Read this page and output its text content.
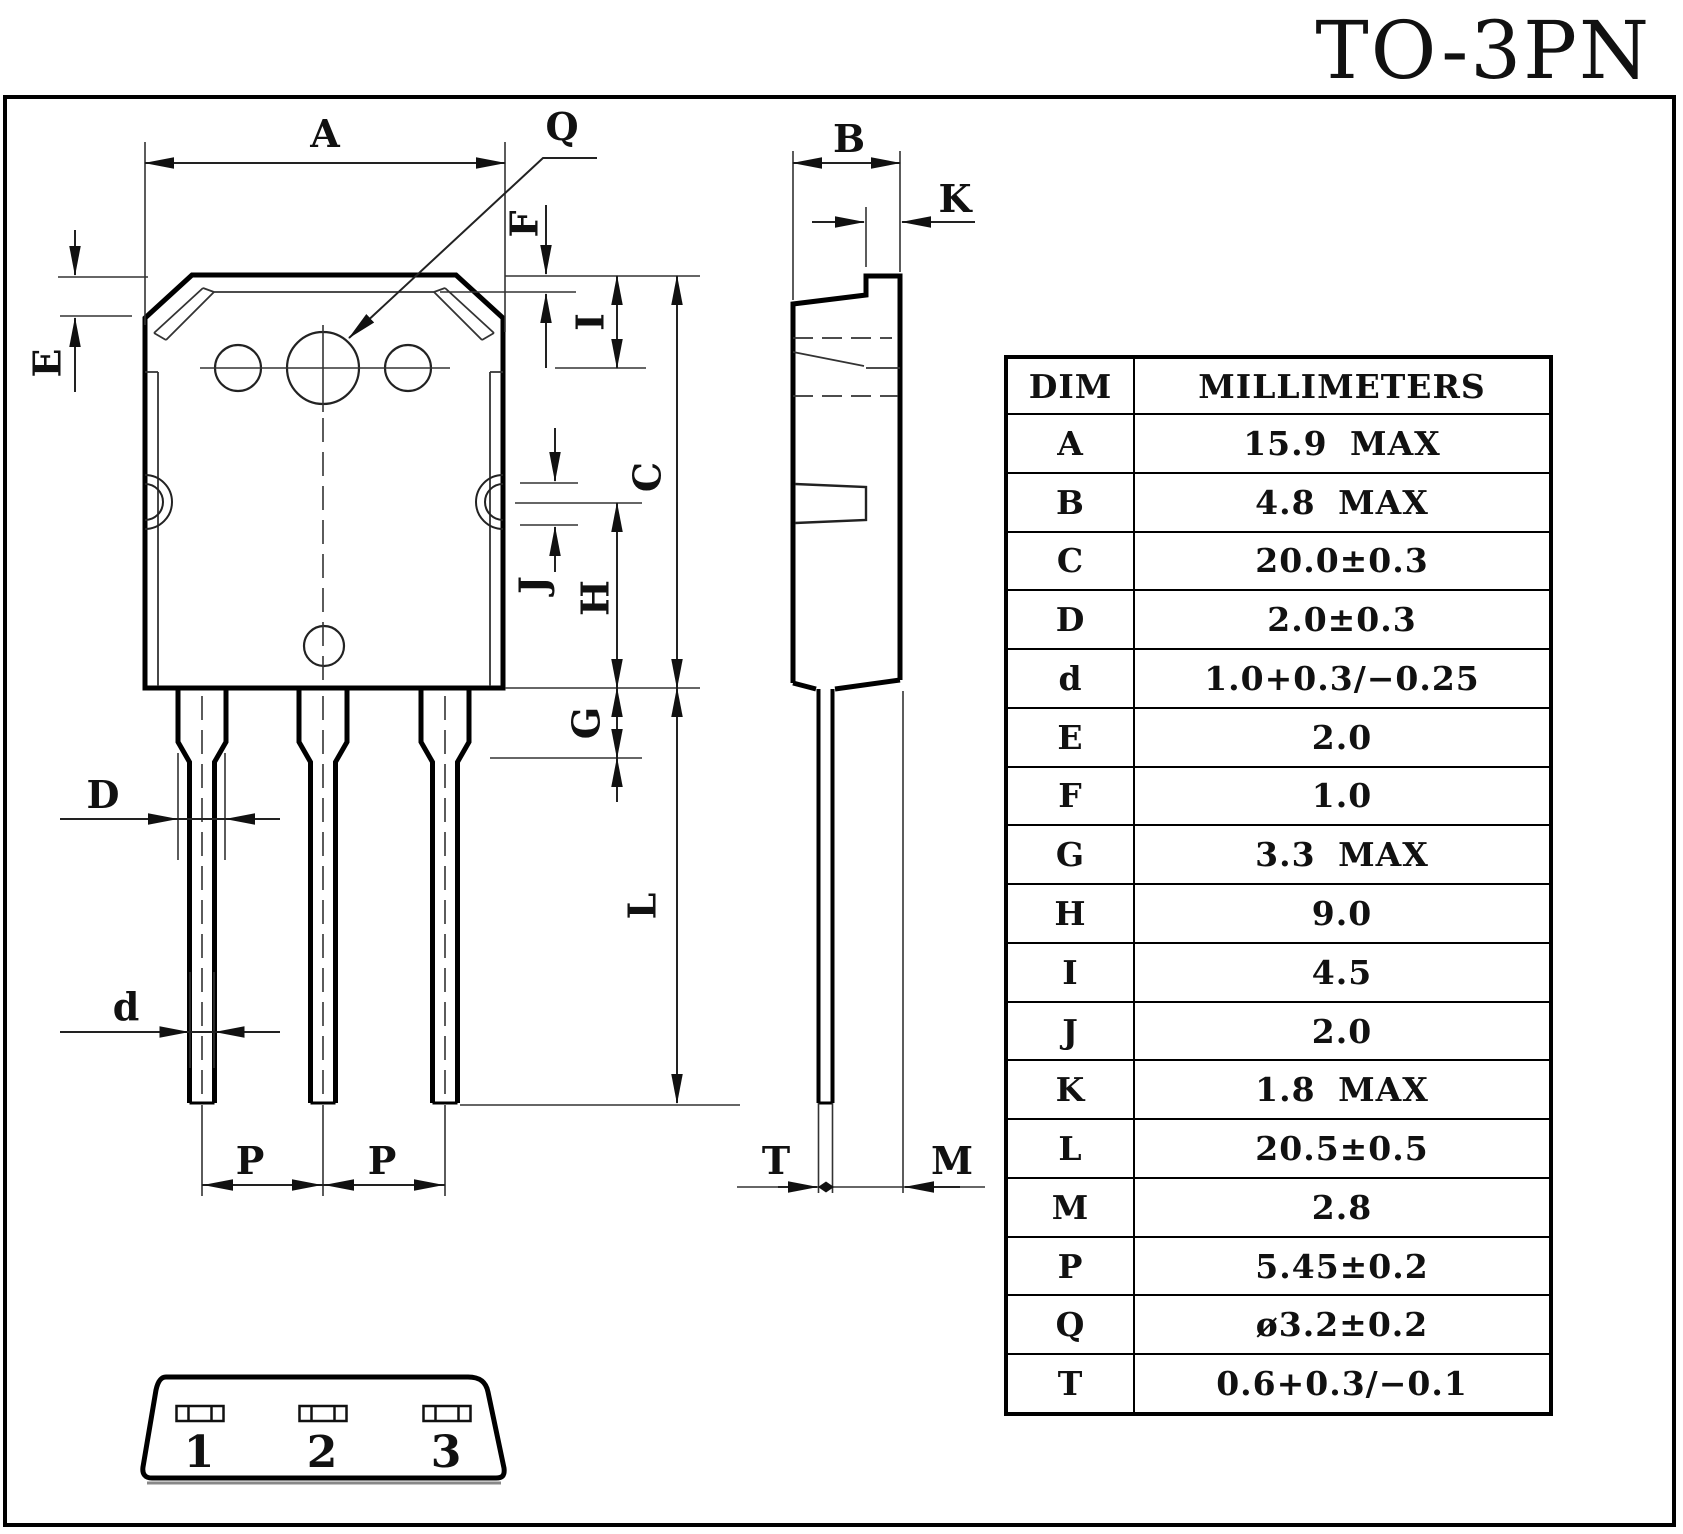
TO-3PN
A	Q
E
F
I
C
J H
G
L
D
d
P	P
B
K
T	M
1 2 3
DIM	MILLIMETERS
A	15.9 MAX
B	4.8 MAX
C	20.0±0.3
D	2.0±0.3
d	1.0+0.3/−0.25
E	2.0
F	1.0
G	3.3 MAX
H	9.0
I	4.5
J	2.0
K	1.8 MAX
L	20.5±0.5
M	2.8
P	5.45±0.2
Q	ø3.2±0.2
T	0.6+0.3/−0.1
